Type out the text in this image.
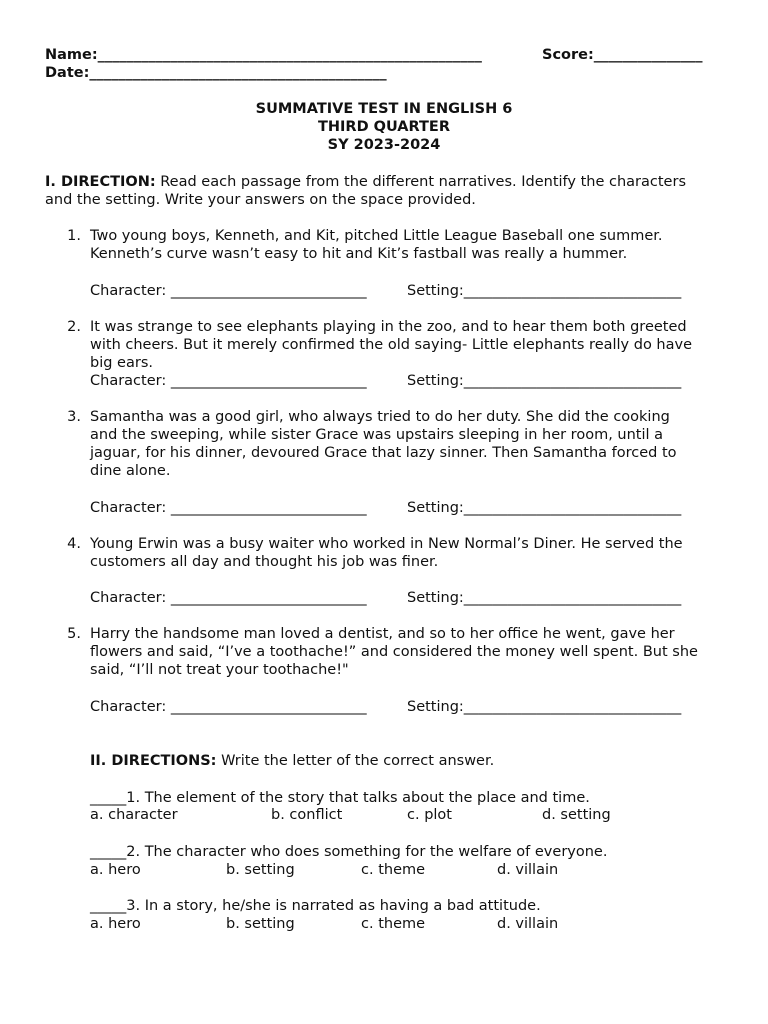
Name:_____________________________________________________	Score:_______________
Date:_________________________________________
SUMMATIVE TEST IN ENGLISH 6
THIRD QUARTER
SY 2023-2024
I. DIRECTION: Read each passage from the different narratives. Identify the characters
and the setting. Write your answers on the space provided.
1. Two young boys, Kenneth, and Kit, pitched Little League Baseball one summer.
Kenneth’s curve wasn’t easy to hit and Kit’s fastball was really a hummer.
Character: ___________________________	Setting:______________________________
2. It was strange to see elephants playing in the zoo, and to hear them both greeted
with cheers. But it merely confirmed the old saying- Little elephants really do have
big ears.
Character: ___________________________	Setting:______________________________
3. Samantha was a good girl, who always tried to do her duty. She did the cooking
and the sweeping, while sister Grace was upstairs sleeping in her room, until a
jaguar, for his dinner, devoured Grace that lazy sinner. Then Samantha forced to
dine alone.
Character: ___________________________	Setting:______________________________
4. Young Erwin was a busy waiter who worked in New Normal’s Diner. He served the
customers all day and thought his job was finer.
Character: ___________________________	Setting:______________________________
5. Harry the handsome man loved a dentist, and so to her office he went, gave her
flowers and said, “I’ve a toothache!” and considered the money well spent. But she
said, “I’ll not treat your toothache!"
Character: ___________________________	Setting:______________________________
II. DIRECTIONS: Write the letter of the correct answer.
_____1. The element of the story that talks about the place and time.
a. character	b. conflict	c. plot	d. setting
_____2. The character who does something for the welfare of everyone.
a. hero	b. setting	c. theme	d. villain
_____3. In a story, he/she is narrated as having a bad attitude.
a. hero	b. setting	c. theme	d. villain
